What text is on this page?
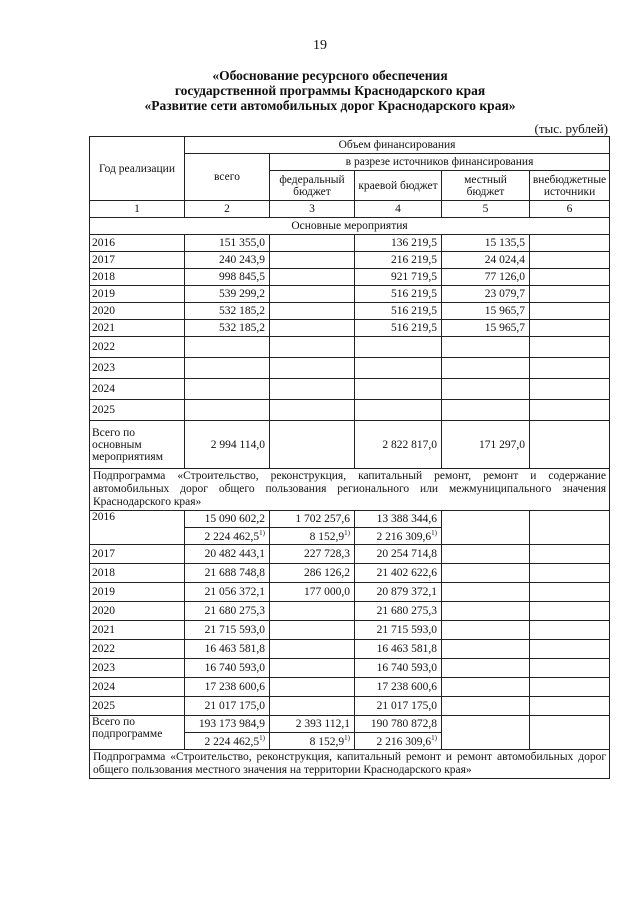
19
«Обоснование ресурсного обеспечения
государственной программы Краснодарского края
«Развитие сети автомобильных дорог Краснодарского края»
(тыс. рублей)
Год реализации	Объем финансирования				
	всего	в разрезе источников финансирования			
		федеральный бюджет	краевой бюджет	местный бюджет	внебюджетные источники
1	2	3	4	5	6
Основные мероприятия					
2016	151 355,0		136 219,5	15 135,5	
2017	240 243,9		216 219,5	24 024,4	
2018	998 845,5		921 719,5	77 126,0	
2019	539 299,2		516 219,5	23 079,7	
2020	532 185,2		516 219,5	15 965,7	
2021	532 185,2		516 219,5	15 965,7	
2022					
2023					
2024					
2025					
Всего по основным мероприятиям	2 994 114,0		2 822 817,0	171 297,0	
Подпрограмма «Строительство, реконструкция, капитальный ремонт, ремонт и содержание автомобильных дорог общего пользования регионального или межмуниципального значения Краснодарского края»					
2016	15 090 602,2	1 702 257,6	13 388 344,6		
	2 224 462,5$^{1)}$	8 152,9$^{1)}$	2 216 309,6$^{1)}$
2017	20 482 443,1	227 728,3	20 254 714,8		
2018	21 688 748,8	286 126,2	21 402 622,6		
2019	21 056 372,1	177 000,0	20 879 372,1		
2020	21 680 275,3		21 680 275,3		
2021	21 715 593,0		21 715 593,0		
2022	16 463 581,8		16 463 581,8		
2023	16 740 593,0		16 740 593,0		
2024	17 238 600,6		17 238 600,6		
2025	21 017 175,0		21 017 175,0		
Всего по подпрограмме	193 173 984,9	2 393 112,1	190 780 872,8		
	2 224 462,5$^{1)}$	8 152,9$^{1)}$	2 216 309,6$^{1)}$
Подпрограмма «Строительство, реконструкция, капитальный ремонт и ремонт автомобильных дорог общего пользования местного значения на территории Краснодарского края»					
